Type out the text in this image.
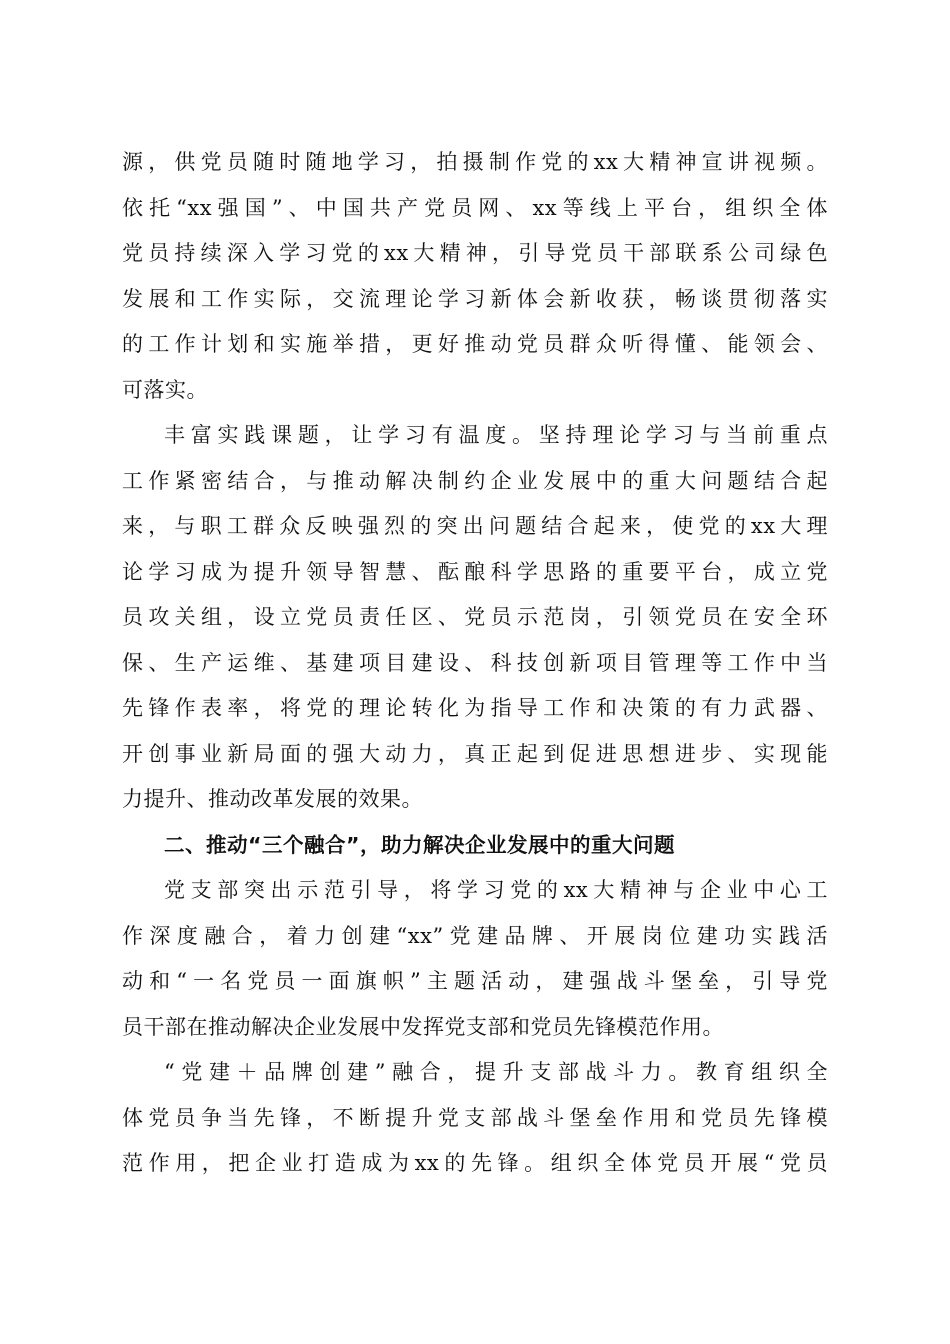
源，供党员随时随地学习，拍摄制作党的xx大精神宣讲视频。
依托“xx强国”、中国共产党员网、xx等线上平台，组织全体
党员持续深入学习党的xx大精神，引导党员干部联系公司绿色
发展和工作实际，交流理论学习新体会新收获，畅谈贯彻落实
的工作计划和实施举措，更好推动党员群众听得懂、能领会、
可落实。
丰富实践课题，让学习有温度。坚持理论学习与当前重点
工作紧密结合，与推动解决制约企业发展中的重大问题结合起
来，与职工群众反映强烈的突出问题结合起来，使党的xx大理
论学习成为提升领导智慧、酝酿科学思路的重要平台，成立党
员攻关组，设立党员责任区、党员示范岗，引领党员在安全环
保、生产运维、基建项目建设、科技创新项目管理等工作中当
先锋作表率，将党的理论转化为指导工作和决策的有力武器、
开创事业新局面的强大动力，真正起到促进思想进步、实现能
力提升、推动改革发展的效果。
二、推动“三个融合”，助力解决企业发展中的重大问题
党支部突出示范引导，将学习党的xx大精神与企业中心工
作深度融合，着力创建“xx”党建品牌、开展岗位建功实践活
动和“一名党员一面旗帜”主题活动，建强战斗堡垒，引导党
员干部在推动解决企业发展中发挥党支部和党员先锋模范作用。
“党建＋品牌创建”融合，提升支部战斗力。教育组织全
体党员争当先锋，不断提升党支部战斗堡垒作用和党员先锋模
范作用，把企业打造成为xx的先锋。组织全体党员开展“党员
